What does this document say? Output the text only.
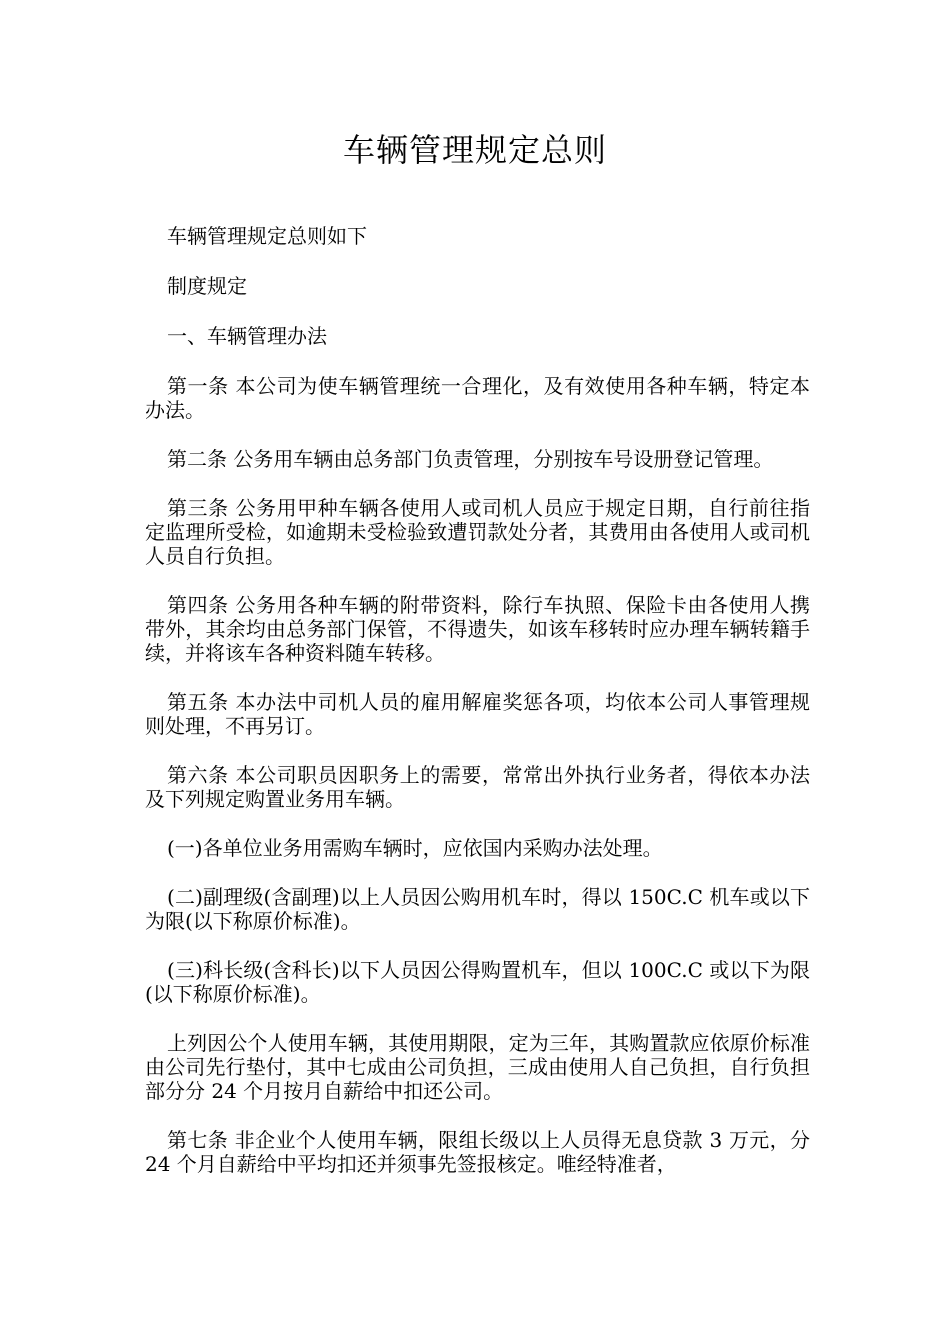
车辆管理规定总则

车辆管理规定总则如下

制度规定

一、车辆管理办法

第一条 本公司为使车辆管理统一合理化，及有效使用各种车辆，特定本办法。

第二条 公务用车辆由总务部门负责管理，分别按车号设册登记管理。

第三条 公务用甲种车辆各使用人或司机人员应于规定日期，自行前往指定监理所受检，如逾期未受检验致遭罚款处分者，其费用由各使用人或司机人员自行负担。

第四条 公务用各种车辆的附带资料，除行车执照、保险卡由各使用人携带外，其余均由总务部门保管，不得遗失，如该车移转时应办理车辆转籍手续，并将该车各种资料随车转移。

第五条 本办法中司机人员的雇用解雇奖惩各项，均依本公司人事管理规则处理，不再另订。

第六条 本公司职员因职务上的需要，常常出外执行业务者，得依本办法及下列规定购置业务用车辆。

(一)各单位业务用需购车辆时，应依国内采购办法处理。

(二)副理级(含副理)以上人员因公购用机车时，得以 150C.C 机车或以下为限(以下称原价标准)。

(三)科长级(含科长)以下人员因公得购置机车，但以 100C.C 或以下为限(以下称原价标准)。

上列因公个人使用车辆，其使用期限，定为三年，其购置款应依原价标准由公司先行垫付，其中七成由公司负担，三成由使用人自己负担，自行负担部分分 24 个月按月自薪给中扣还公司。

第七条 非企业个人使用车辆，限组长级以上人员得无息贷款 3 万元，分 24 个月自薪给中平均扣还并须事先签报核定。唯经特准者，
